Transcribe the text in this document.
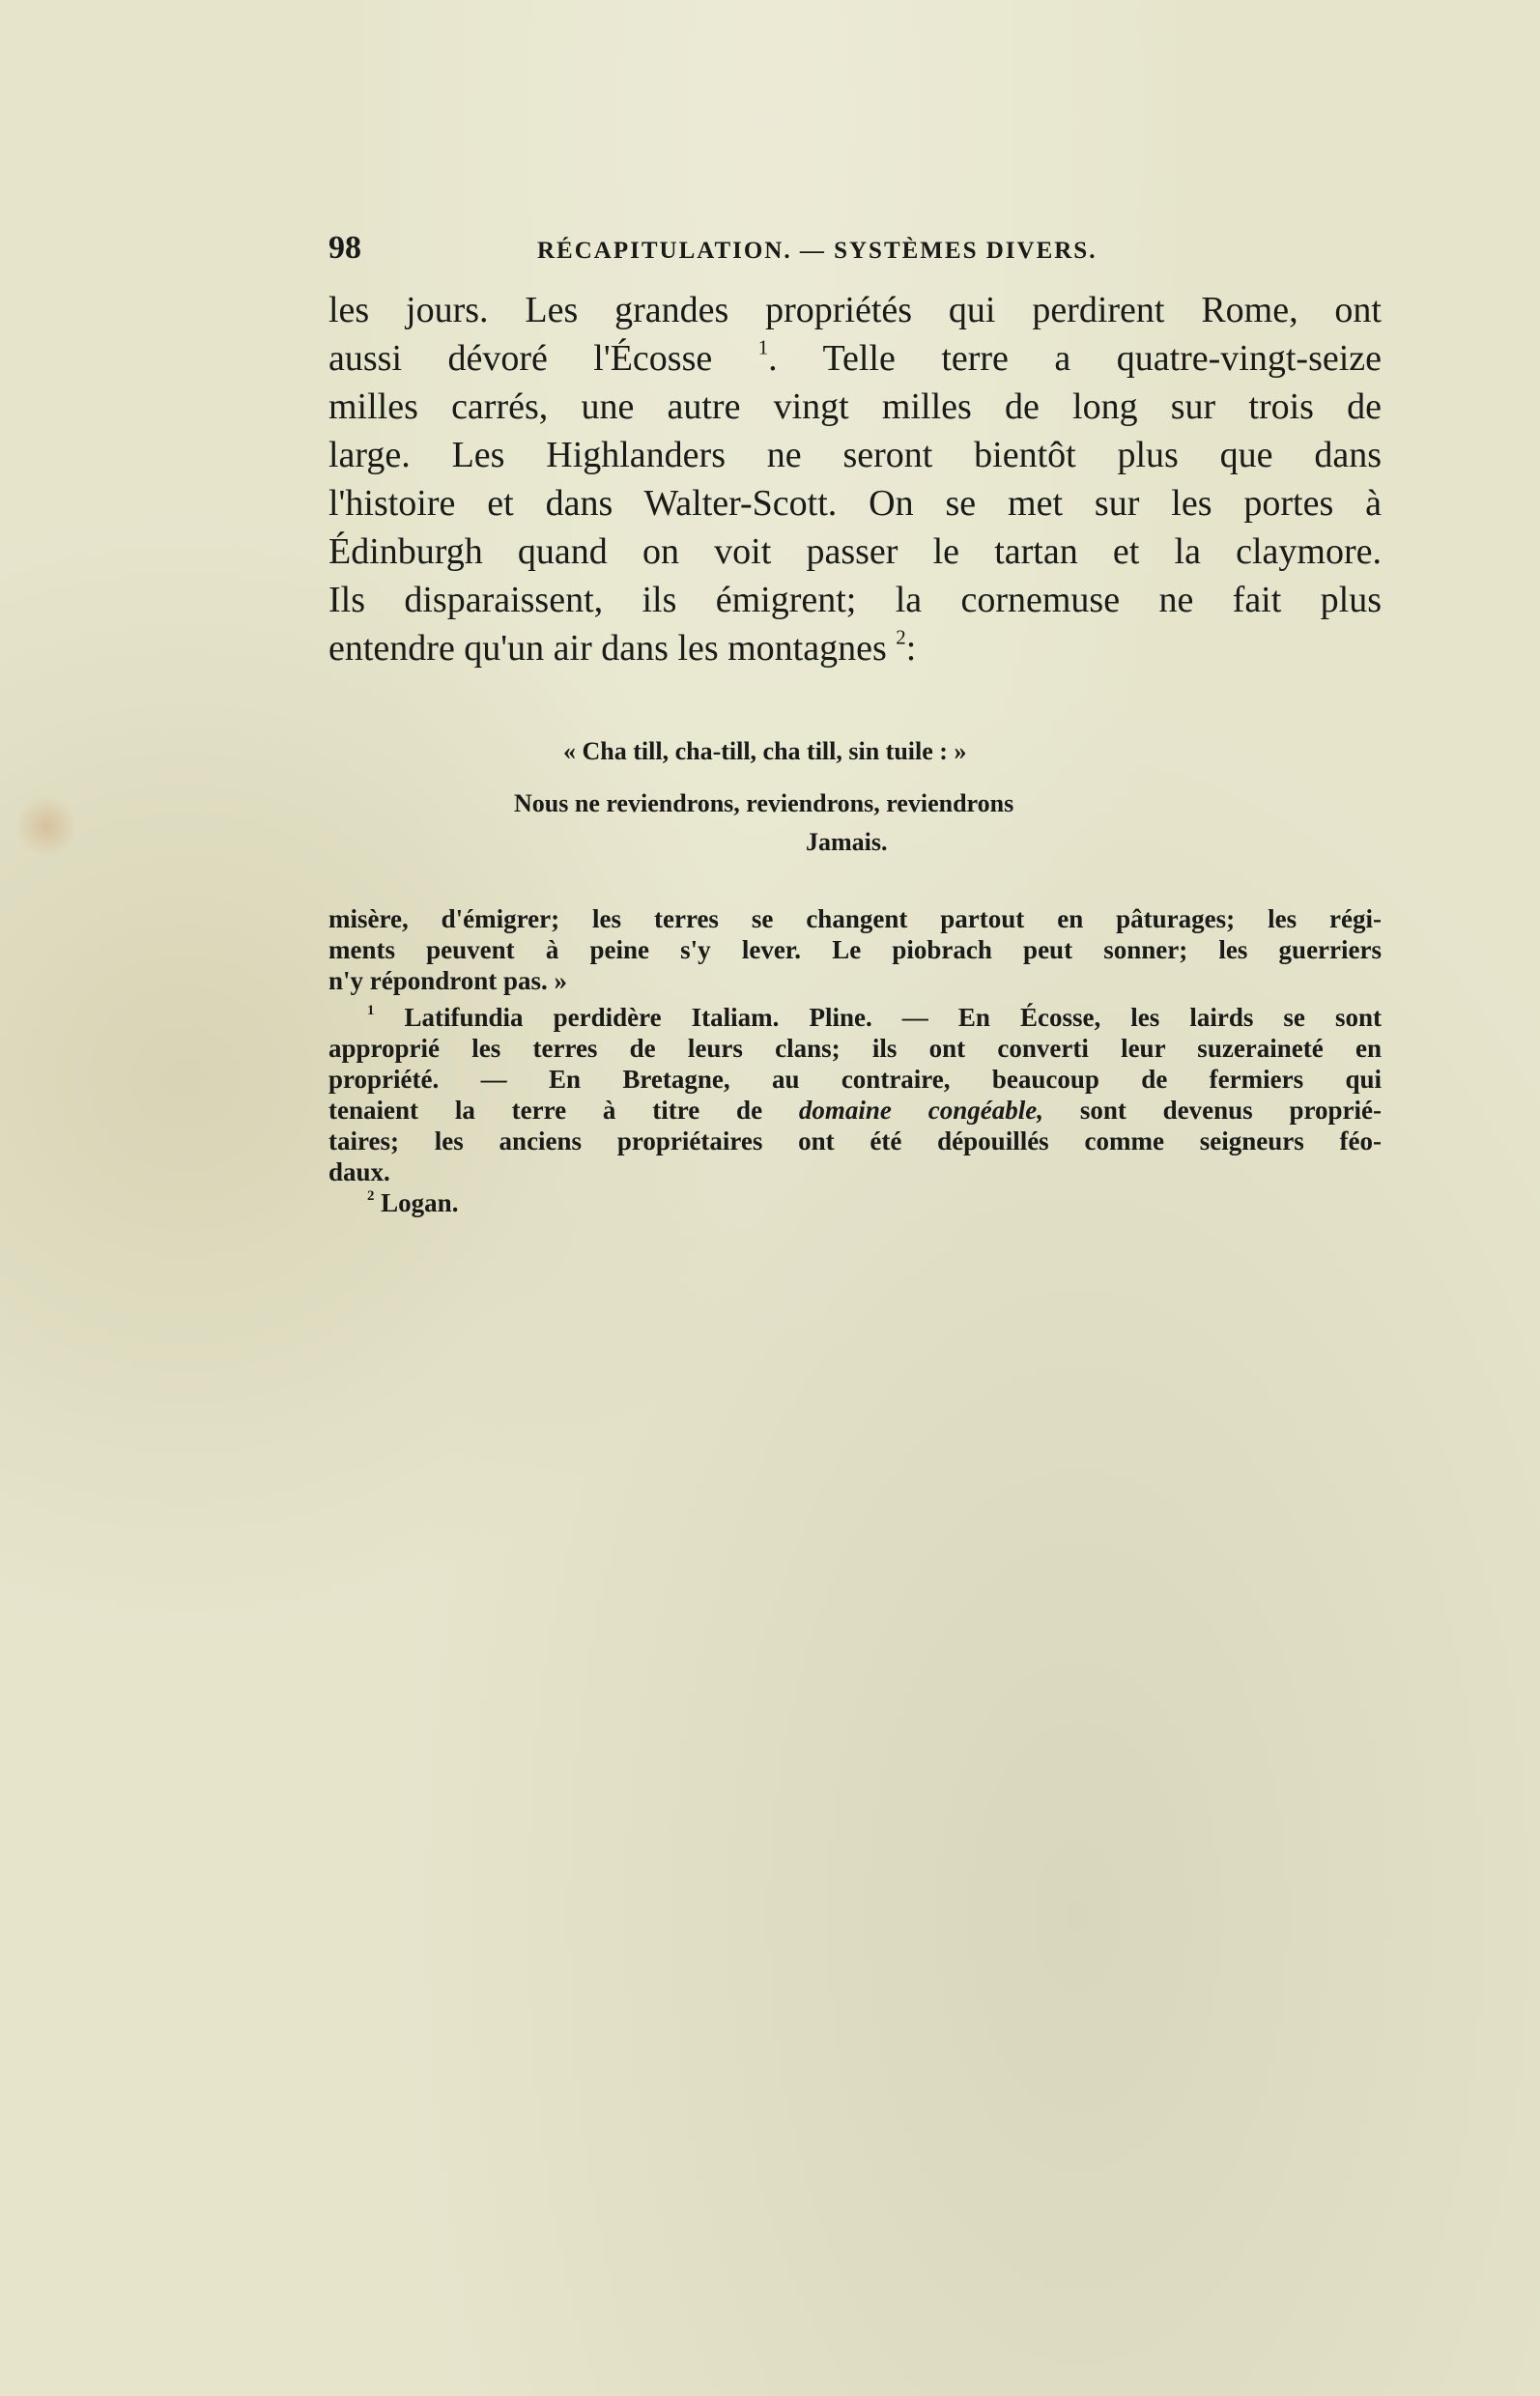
98	RÉCAPITULATION. — SYSTÈMES DIVERS.
les jours. Les grandes propriétés qui perdirent Rome, ont
aussi dévoré l'Écosse $^1$. Telle terre a quatre-vingt-seize
milles carrés, une autre vingt milles de long sur trois de
large. Les Highlanders ne seront bientôt plus que dans
l'histoire et dans Walter-Scott. On se met sur les portes à
Édinburgh quand on voit passer le tartan et la claymore.
Ils disparaissent, ils émigrent; la cornemuse ne fait plus
entendre qu'un air dans les montagnes $^2$:
« Cha till, cha-till, cha till, sin tuile : »
Nous ne reviendrons, reviendrons, reviendrons
Jamais.
misère, d'émigrer; les terres se changent partout en pâturages; les régi-
ments peuvent à peine s'y lever. Le piobrach peut sonner; les guerriers
n'y répondront pas. »
$^1$ Latifundia perdidère Italiam. Pline. — En Écosse, les lairds se sont
approprié les terres de leurs clans; ils ont converti leur suzeraineté en
propriété. — En Bretagne, au contraire, beaucoup de fermiers qui
tenaient la terre à titre de domaine congéable, sont devenus proprié-
taires; les anciens propriétaires ont été dépouillés comme seigneurs féo-
daux.
$^2$ Logan.
